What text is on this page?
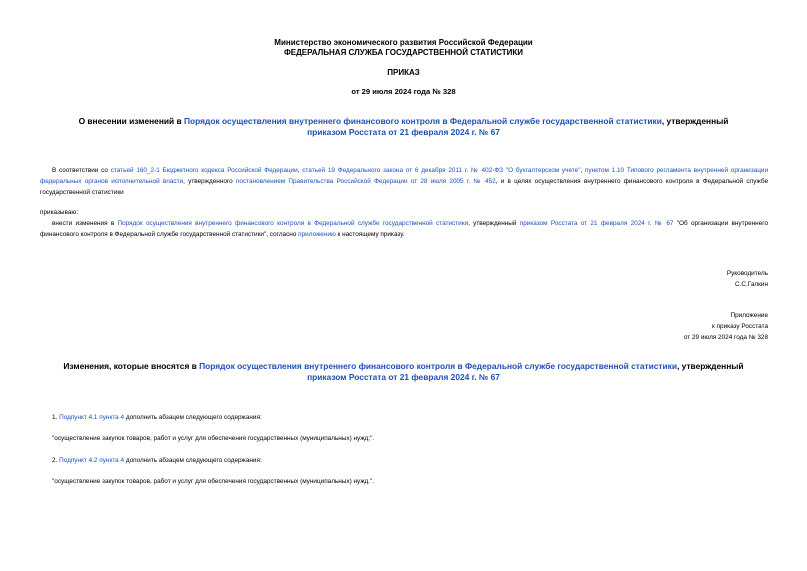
Министерство экономического развития Российской Федерации
ФЕДЕРАЛЬНАЯ СЛУЖБА ГОСУДАРСТВЕННОЙ СТАТИСТИКИ
ПРИКАЗ
от 29 июля 2024 года № 328
О внесении изменений в Порядок осуществления внутреннего финансового контроля в Федеральной службе государственной статистики, утвержденный
приказом Росстата от 21 февраля 2024 г. № 67
В соответствии со статьей 160_2-1 Бюджетного кодекса Российской Федерации, статьей 19 Федерального закона от 6 декабря 2011 г. № 402-ФЗ "О бухгалтерском учете", пунктом 1.10 Типового регламента внутренней организации федеральных органов исполнительной власти, утвержденного постановлением Правительства Российской Федерации от 28 июля 2005 г. № 452, и в целях осуществления внутреннего финансового контроля в Федеральной службе государственной статистики
приказываю:
внести изменения в Порядок осуществления внутреннего финансового контроля в Федеральной службе государственной статистики, утвержденный приказом Росстата от 21 февраля 2024 г. № 67 "Об организации внутреннего финансового контроля в Федеральной службе государственной статистики", согласно приложению к настоящему приказу.
Руководитель
С.С.Галкин
Приложение
к приказу Росстата
от 29 июля 2024 года № 328
Изменения, которые вносятся в Порядок осуществления внутреннего финансового контроля в Федеральной службе государственной статистики, утвержденный
приказом Росстата от 21 февраля 2024 г. № 67
1. Подпункт 4.1 пункта 4 дополнить абзацем следующего содержания:
"осуществление закупок товаров, работ и услуг для обеспечения государственных (муниципальных) нужд;".
2. Подпункт 4.2 пункта 4 дополнить абзацем следующего содержания:
"осуществление закупок товаров, работ и услуг для обеспечения государственных (муниципальных) нужд.".
